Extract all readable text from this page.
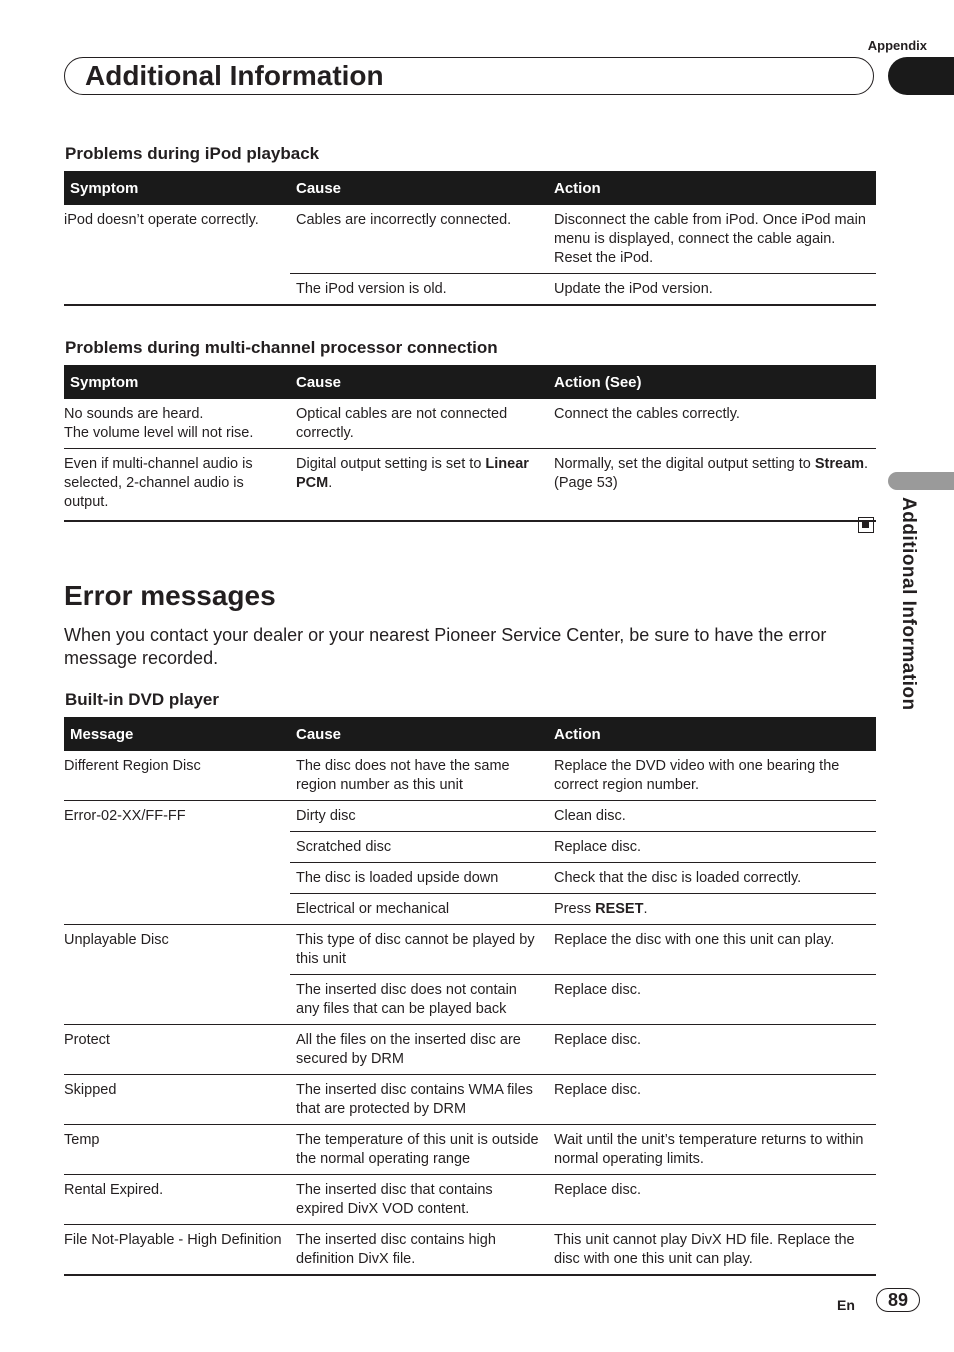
Appendix
Additional Information
Additional Information
Problems during iPod playback
Symptom	Cause	Action
iPod doesn’t operate correctly.	Cables are incorrectly connected.	Disconnect the cable from iPod. Once iPod main menu is displayed, connect the cable again.
Reset the iPod.
	The iPod version is old.	Update the iPod version.
Problems during multi-channel processor connection
Symptom	Cause	Action (See)
No sounds are heard.
The volume level will not rise.	Optical cables are not connected correctly.	Connect the cables correctly.
Even if multi-channel audio is selected, 2-channel audio is output.	Digital output setting is set to Linear PCM.	Normally, set the digital output setting to Stream. (Page 53)
Error messages
When you contact your dealer or your nearest Pioneer Service Center, be sure to have the error message recorded.
Built-in DVD player
Message	Cause	Action
Different Region Disc	The disc does not have the same region number as this unit	Replace the DVD video with one bearing the correct region number.
Error-02-XX/FF-FF	Dirty disc	Clean disc.
	Scratched disc	Replace disc.
	The disc is loaded upside down	Check that the disc is loaded correctly.
	Electrical or mechanical	Press RESET.
Unplayable Disc	This type of disc cannot be played by this unit	Replace the disc with one this unit can play.
	The inserted disc does not contain any files that can be played back	Replace disc.
Protect	All the files on the inserted disc are secured by DRM	Replace disc.
Skipped	The inserted disc contains WMA files that are protected by DRM	Replace disc.
Temp	The temperature of this unit is outside the normal operating range	Wait until the unit’s temperature returns to within normal operating limits.
Rental Expired.	The inserted disc that contains expired DivX VOD content.	Replace disc.
File Not-Playable - High Definition	The inserted disc contains high definition DivX file.	This unit cannot play DivX HD file. Replace the disc with one this unit can play.
En	89
